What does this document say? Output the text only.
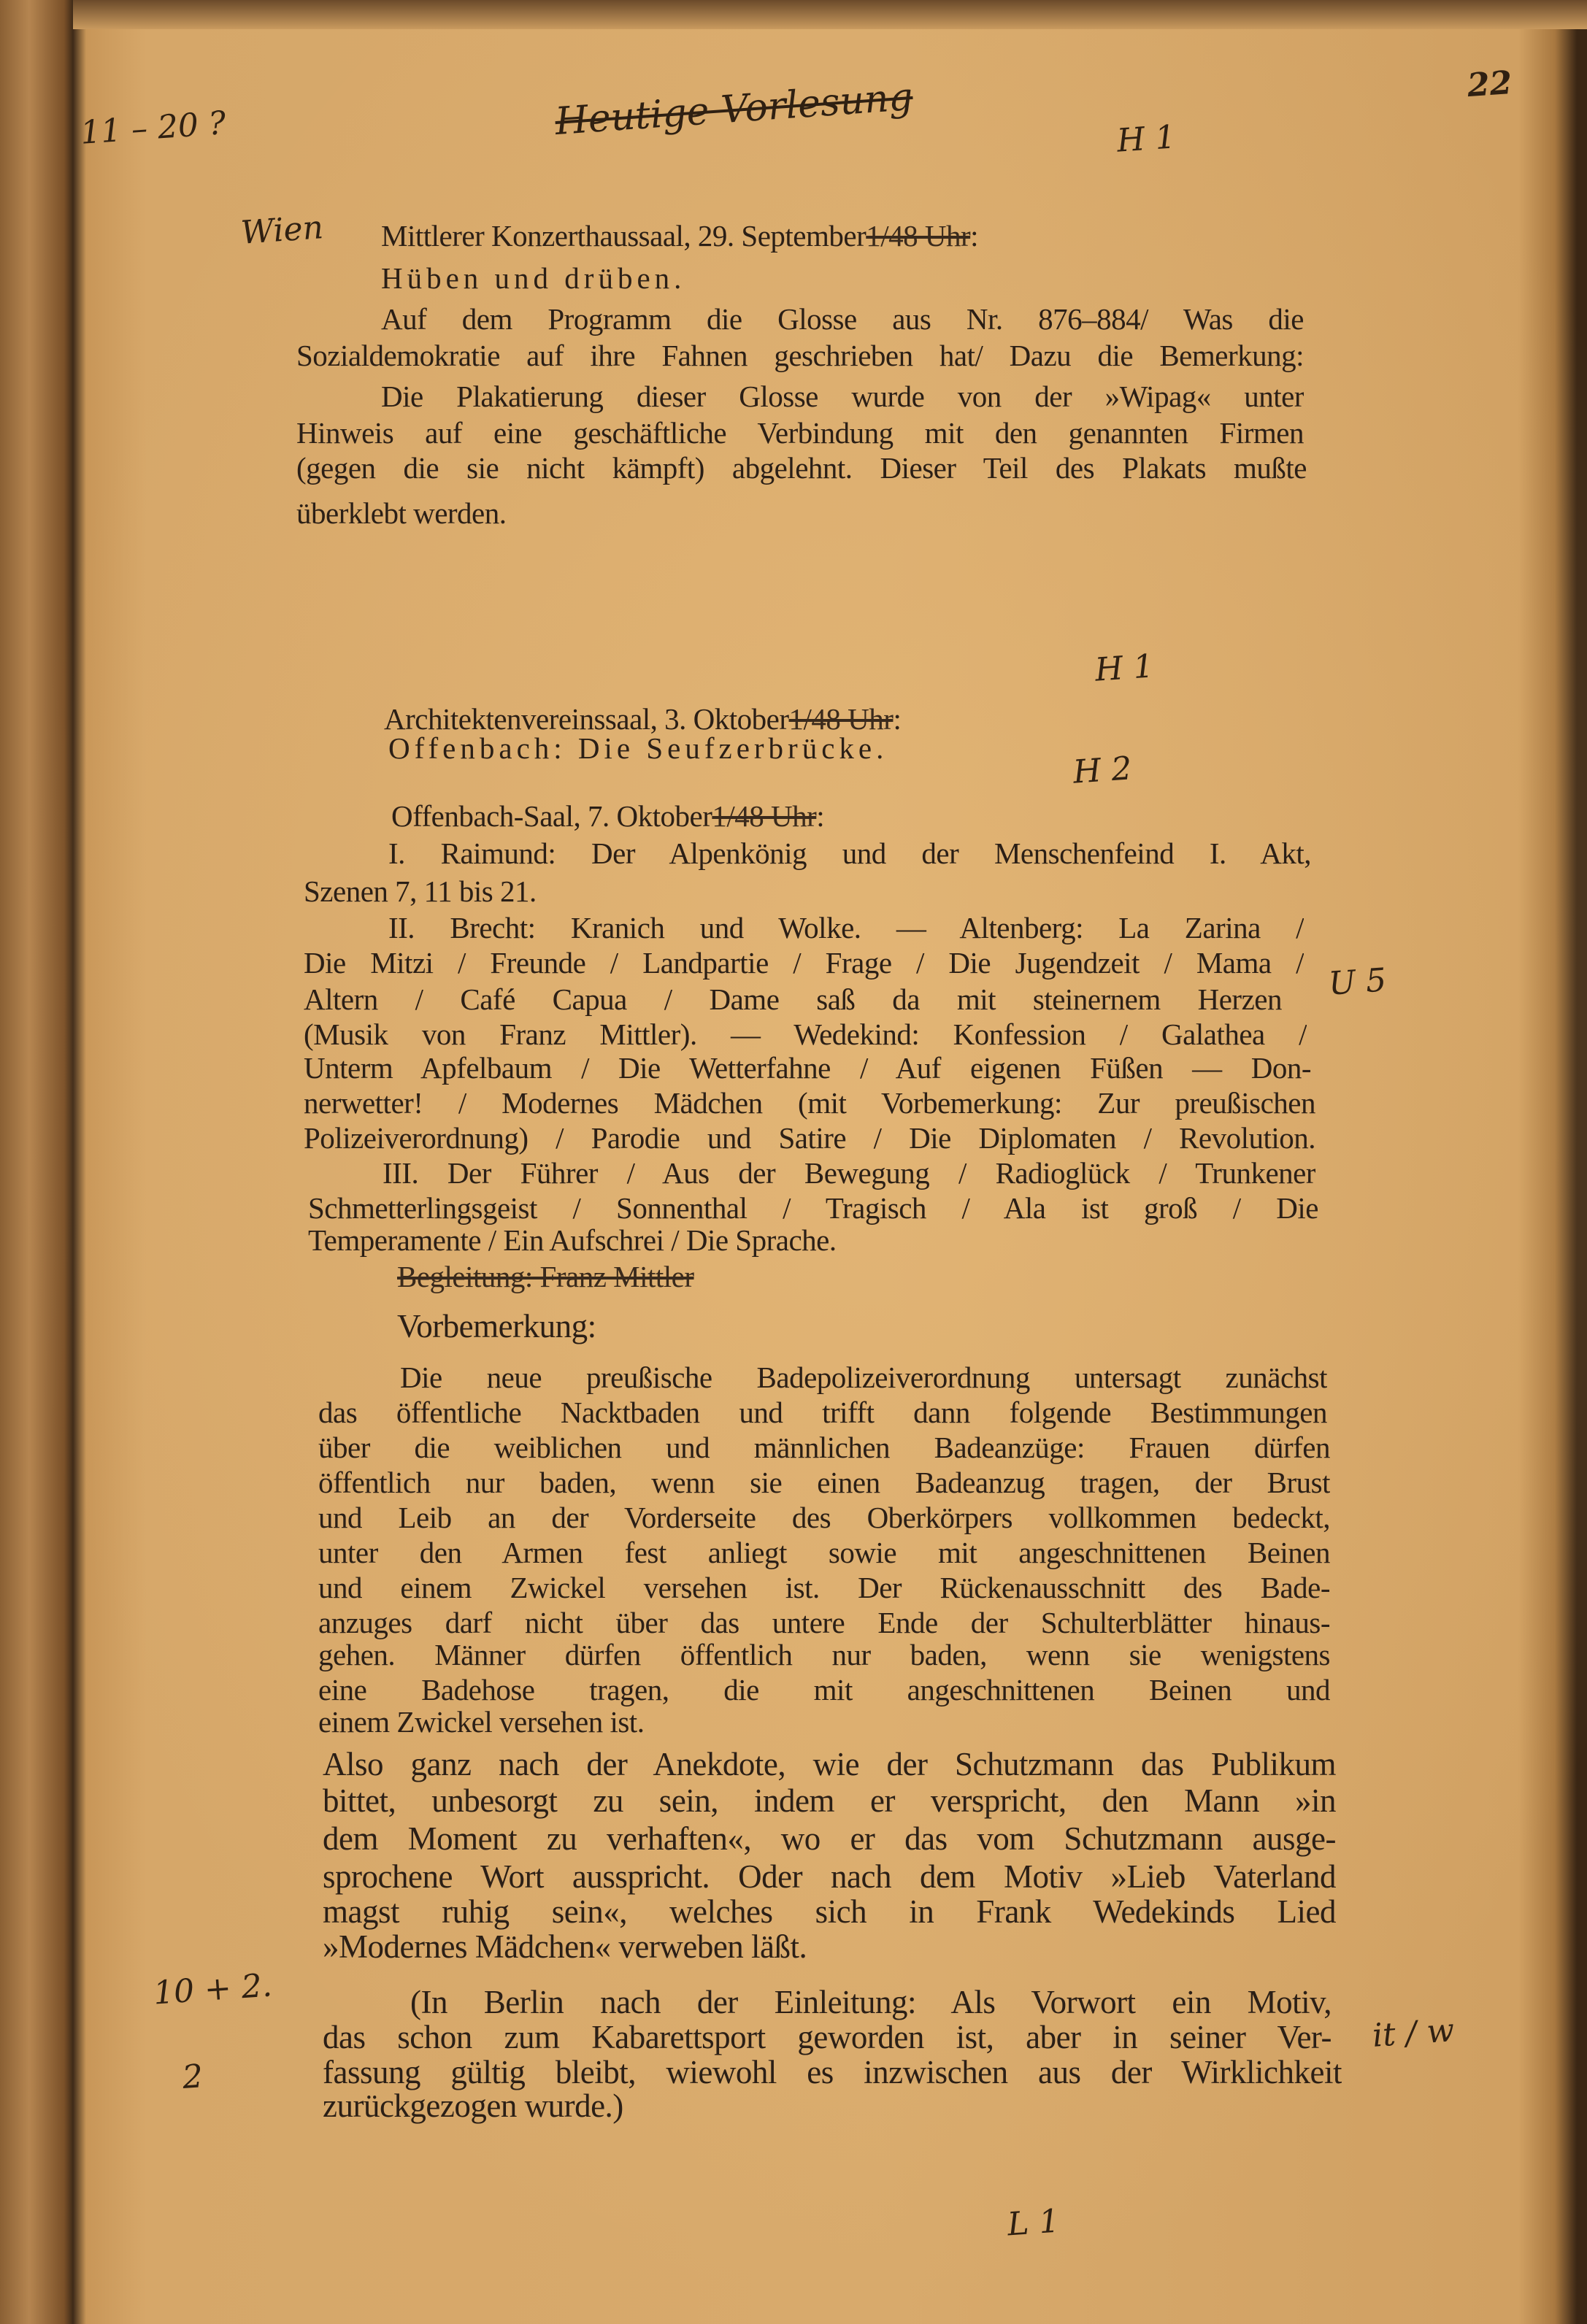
11 – 20 ?	Heutige Vorlesung	22
H 1
Wien
H 1
H 2
U 5
10 + 2.
2
it / w
L 1
Mittlerer Konzerthaussaal, 29. September1/48 Uhr:
Architektenvereinssaal, 3. Oktober1/48 Uhr:
Offenbach-Saal, 7. Oktober1/48 Uhr:
Hüben und drüben.
Auf dem Programm die Glosse aus Nr. 876–884/ Was die
Sozialdemokratie auf ihre Fahnen geschrieben hat/ Dazu die Bemerkung:
Die Plakatierung dieser Glosse wurde von der »Wipag« unter
Hinweis auf eine geschäftliche Verbindung mit den genannten Firmen
(gegen die sie nicht kämpft) abgelehnt. Dieser Teil des Plakats mußte
überklebt werden.
Offenbach: Die Seufzerbrücke.
I. Raimund: Der Alpenkönig und der Menschenfeind I. Akt,
Szenen 7, 11 bis 21.
II. Brecht: Kranich und Wolke. — Altenberg: La Zarina /
Die Mitzi / Freunde / Landpartie / Frage / Die Jugendzeit / Mama /
Altern / Café Capua / Dame saß da mit steinernem Herzen
(Musik von Franz Mittler). — Wedekind: Konfession / Galathea /
Unterm Apfelbaum / Die Wetterfahne / Auf eigenen Füßen — Don-
nerwetter! / Modernes Mädchen (mit Vorbemerkung: Zur preußischen
Polizeiverordnung) / Parodie und Satire / Die Diplomaten / Revolution.
III. Der Führer / Aus der Bewegung / Radioglück / Trunkener
Schmetterlingsgeist / Sonnenthal / Tragisch / Ala ist groß / Die
Temperamente / Ein Aufschrei / Die Sprache.
Begleitung: Franz Mittler
Vorbemerkung:
Die neue preußische Badepolizeiverordnung untersagt zunächst
das öffentliche Nacktbaden und trifft dann folgende Bestimmungen
über die weiblichen und männlichen Badeanzüge: Frauen dürfen
öffentlich nur baden, wenn sie einen Badeanzug tragen, der Brust
und Leib an der Vorderseite des Oberkörpers vollkommen bedeckt,
unter den Armen fest anliegt sowie mit angeschnittenen Beinen
und einem Zwickel versehen ist. Der Rückenausschnitt des Bade-
anzuges darf nicht über das untere Ende der Schulterblätter hinaus-
gehen. Männer dürfen öffentlich nur baden, wenn sie wenigstens
eine Badehose tragen, die mit angeschnittenen Beinen und
einem Zwickel versehen ist.
Also ganz nach der Anekdote, wie der Schutzmann das Publikum
bittet, unbesorgt zu sein, indem er verspricht, den Mann »in
dem Moment zu verhaften«, wo er das vom Schutzmann ausge-
sprochene Wort ausspricht. Oder nach dem Motiv »Lieb Vaterland
magst ruhig sein«, welches sich in Frank Wedekinds Lied
»Modernes Mädchen« verweben läßt.
(In Berlin nach der Einleitung: Als Vorwort ein Motiv,
das schon zum Kabarettsport geworden ist, aber in seiner Ver-
fassung gültig bleibt, wiewohl es inzwischen aus der Wirklichkeit
zurückgezogen wurde.)
